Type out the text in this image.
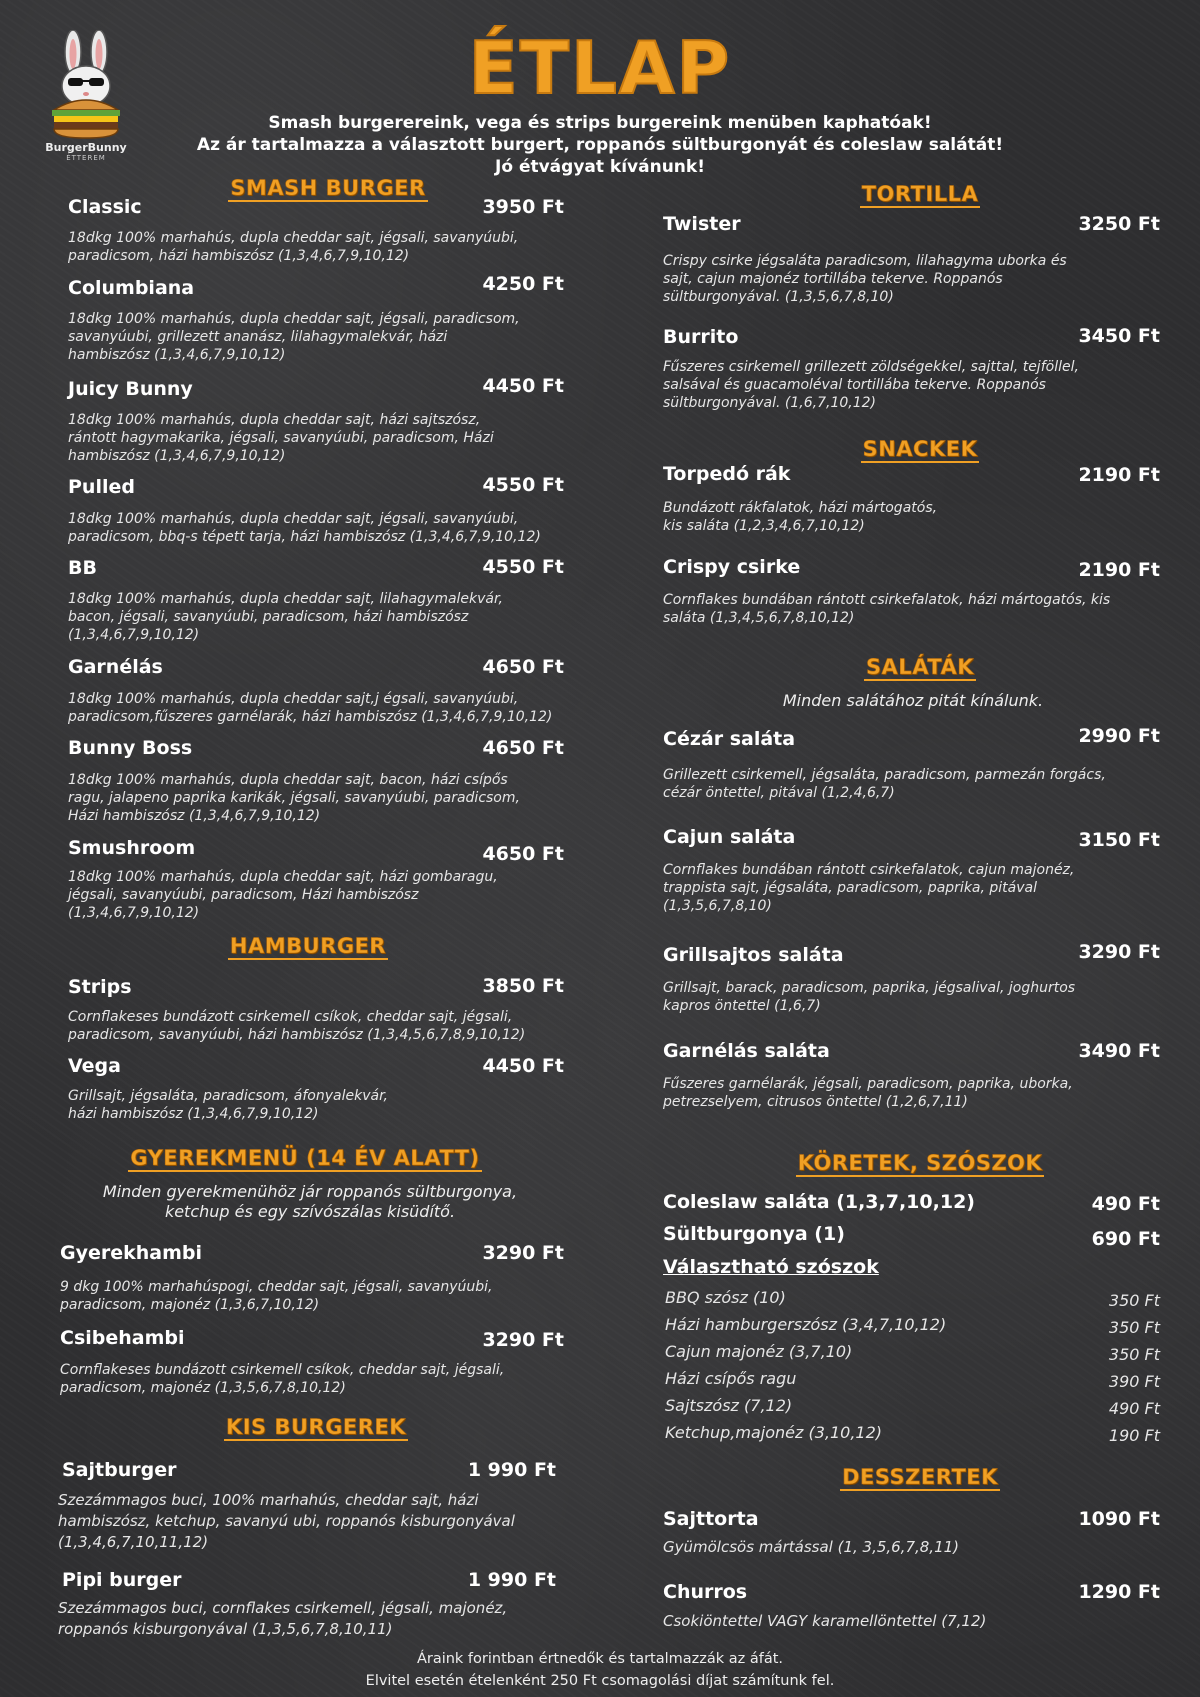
BurgerBunny
ÉTTEREM
ÉTLAP
Smash burgerereink, vega és strips burgereink menüben kaphatóak!
Az ár tartalmazza a választott burgert, roppanós sültburgonyát és coleslaw salátát!
Jó étvágyat kívánunk!
SMASH BURGER
Classic	3950 Ft
18dkg 100% marhahús, dupla cheddar sajt, jégsali, savanyúubi,
paradicsom, házi hambiszósz (1,3,4,6,7,9,10,12)
Columbiana	4250 Ft
18dkg 100% marhahús, dupla cheddar sajt, jégsali, paradicsom,
savanyúubi, grillezett ananász, lilahagymalekvár, házi
hambiszósz (1,3,4,6,7,9,10,12)
Juicy Bunny	4450 Ft
18dkg 100% marhahús, dupla cheddar sajt, házi sajtszósz,
rántott hagymakarika, jégsali, savanyúubi, paradicsom, Házi
hambiszósz (1,3,4,6,7,9,10,12)
Pulled	4550 Ft
18dkg 100% marhahús, dupla cheddar sajt, jégsali, savanyúubi,
paradicsom, bbq-s tépett tarja, házi hambiszósz (1,3,4,6,7,9,10,12)
BB	4550 Ft
18dkg 100% marhahús, dupla cheddar sajt, lilahagymalekvár,
bacon, jégsali, savanyúubi, paradicsom, házi hambiszósz
(1,3,4,6,7,9,10,12)
Garnélás	4650 Ft
18dkg 100% marhahús, dupla cheddar sajt,j égsali, savanyúubi,
paradicsom,fűszeres garnélarák, házi hambiszósz (1,3,4,6,7,9,10,12)
Bunny Boss	4650 Ft
18dkg 100% marhahús, dupla cheddar sajt, bacon, házi csípős
ragu, jalapeno paprika karikák, jégsali, savanyúubi, paradicsom,
Házi hambiszósz (1,3,4,6,7,9,10,12)
Smushroom	4650 Ft
18dkg 100% marhahús, dupla cheddar sajt, házi gombaragu,
jégsali, savanyúubi, paradicsom, Házi hambiszósz
(1,3,4,6,7,9,10,12)
HAMBURGER
Strips	3850 Ft
Cornflakeses bundázott csirkemell csíkok, cheddar sajt, jégsali,
paradicsom, savanyúubi, házi hambiszósz (1,3,4,5,6,7,8,9,10,12)
Vega	4450 Ft
Grillsajt, jégsaláta, paradicsom, áfonyalekvár,
házi hambiszósz (1,3,4,6,7,9,10,12)
GYEREKMENÜ (14 ÉV ALATT)
Minden gyerekmenühöz jár roppanós sültburgonya,
ketchup és egy szívószálas kisüdítő.
Gyerekhambi	3290 Ft
9 dkg 100% marhahúspogi, cheddar sajt, jégsali, savanyúubi,
paradicsom, majonéz (1,3,6,7,10,12)
Csibehambi	3290 Ft
Cornflakeses bundázott csirkemell csíkok, cheddar sajt, jégsali,
paradicsom, majonéz (1,3,5,6,7,8,10,12)
KIS BURGEREK
Sajtburger	1 990 Ft
Szezámmagos buci, 100% marhahús, cheddar sajt, házi
hambiszósz, ketchup, savanyú ubi, roppanós kisburgonyával
(1,3,4,6,7,10,11,12)
Pipi burger	1 990 Ft
Szezámmagos buci, cornflakes csirkemell, jégsali, majonéz,
roppanós kisburgonyával (1,3,5,6,7,8,10,11)
TORTILLA
Twister	3250 Ft
Crispy csirke jégsaláta paradicsom, lilahagyma uborka és
sajt, cajun majonéz tortillába tekerve. Roppanós
sültburgonyával. (1,3,5,6,7,8,10)
Burrito	3450 Ft
Fűszeres csirkemell grillezett zöldségekkel, sajttal, tejföllel,
salsával és guacamoléval tortillába tekerve. Roppanós
sültburgonyával. (1,6,7,10,12)
SNACKEK
Torpedó rák	2190 Ft
Bundázott rákfalatok, házi mártogatós,
kis saláta (1,2,3,4,6,7,10,12)
Crispy csirke	2190 Ft
Cornflakes bundában rántott csirkefalatok, házi mártogatós, kis
saláta (1,3,4,5,6,7,8,10,12)
SALÁTÁK
Minden salátához pitát kínálunk.
Cézár saláta	2990 Ft
Grillezett csirkemell, jégsaláta, paradicsom, parmezán forgács,
cézár öntettel, pitával (1,2,4,6,7)
Cajun saláta	3150 Ft
Cornflakes bundában rántott csirkefalatok, cajun majonéz,
trappista sajt, jégsaláta, paradicsom, paprika, pitával
(1,3,5,6,7,8,10)
Grillsajtos saláta	3290 Ft
Grillsajt, barack, paradicsom, paprika, jégsalival, joghurtos
kapros öntettel (1,6,7)
Garnélás saláta	3490 Ft
Fűszeres garnélarák, jégsali, paradicsom, paprika, uborka,
petrezselyem, citrusos öntettel (1,2,6,7,11)
KÖRETEK, SZÓSZOK
Coleslaw saláta (1,3,7,10,12)	490 Ft
Sültburgonya (1)	690 Ft
Választható szószok
BBQ szósz (10)	350 Ft
Házi hamburgerszósz (3,4,7,10,12)	350 Ft
Cajun majonéz (3,7,10)	350 Ft
Házi csípős ragu	390 Ft
Sajtszósz (7,12)	490 Ft
Ketchup,majonéz (3,10,12)	190 Ft
DESSZERTEK
Sajttorta	1090 Ft
Gyümölcsös mártással (1, 3,5,6,7,8,11)
Churros	1290 Ft
Csokiöntettel VAGY karamellöntettel (7,12)
Áraink forintban értnedők és tartalmazzák az áfát.
Elvitel esetén ételenként 250 Ft csomagolási díjat számítunk fel.
